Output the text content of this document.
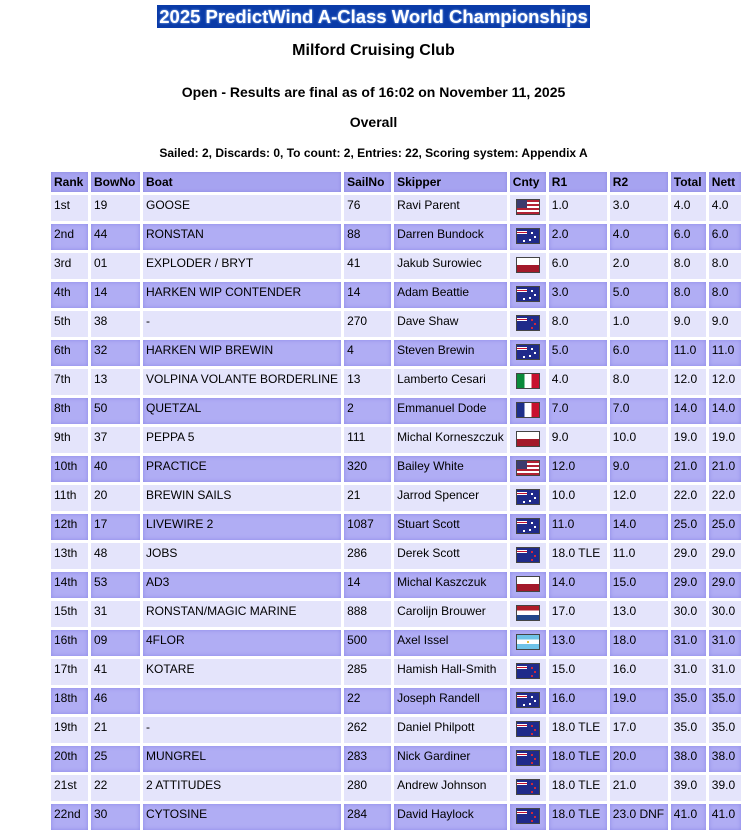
2025 PredictWind A-Class World Championships
Milford Cruising Club
Open - Results are final as of 16:02 on November 11, 2025
Overall
Sailed: 2, Discards: 0, To count: 2, Entries: 22, Scoring system: Appendix A
Rank	BowNo	Boat	SailNo	Skipper	Cnty	R1	R2	Total	Nett
1st	19	GOOSE	76	Ravi Parent		1.0	3.0	4.0	4.0
2nd	44	RONSTAN	88	Darren Bundock		2.0	4.0	6.0	6.0
3rd	01	EXPLODER / BRYT	41	Jakub Surowiec		6.0	2.0	8.0	8.0
4th	14	HARKEN WIP CONTENDER	14	Adam Beattie		3.0	5.0	8.0	8.0
5th	38	-	270	Dave Shaw		8.0	1.0	9.0	9.0
6th	32	HARKEN WIP BREWIN	4	Steven Brewin		5.0	6.0	11.0	11.0
7th	13	VOLPINA VOLANTE BORDERLINE	13	Lamberto Cesari		4.0	8.0	12.0	12.0
8th	50	QUETZAL	2	Emmanuel Dode		7.0	7.0	14.0	14.0
9th	37	PEPPA 5	111	Michal Korneszczuk		9.0	10.0	19.0	19.0
10th	40	PRACTICE	320	Bailey White		12.0	9.0	21.0	21.0
11th	20	BREWIN SAILS	21	Jarrod Spencer		10.0	12.0	22.0	22.0
12th	17	LIVEWIRE 2	1087	Stuart Scott		11.0	14.0	25.0	25.0
13th	48	JOBS	286	Derek Scott		18.0 TLE	11.0	29.0	29.0
14th	53	AD3	14	Michal Kaszczuk		14.0	15.0	29.0	29.0
15th	31	RONSTAN/MAGIC MARINE	888	Carolijn Brouwer		17.0	13.0	30.0	30.0
16th	09	4FLOR	500	Axel Issel		13.0	18.0	31.0	31.0
17th	41	KOTARE	285	Hamish Hall-Smith		15.0	16.0	31.0	31.0
18th	46		22	Joseph Randell		16.0	19.0	35.0	35.0
19th	21	-	262	Daniel Philpott		18.0 TLE	17.0	35.0	35.0
20th	25	MUNGREL	283	Nick Gardiner		18.0 TLE	20.0	38.0	38.0
21st	22	2 ATTITUDES	280	Andrew Johnson		18.0 TLE	21.0	39.0	39.0
22nd	30	CYTOSINE	284	David Haylock		18.0 TLE	23.0 DNF	41.0	41.0
